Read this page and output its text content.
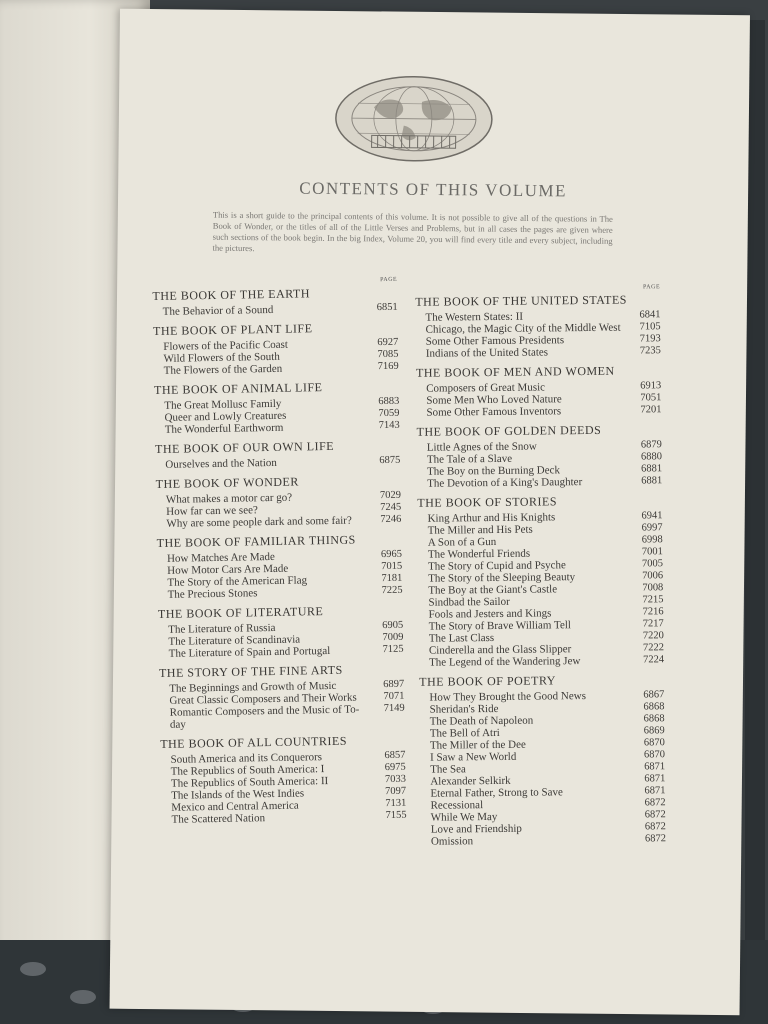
CONTENTS OF THIS VOLUME
This is a short guide to the principal contents of this volume. It is not possible to give all of the questions in The Book of Wonder, or the titles of all of the Little Verses and Problems, but in all cases the pages are given where such sections of the book begin. In the big Index, Volume 20, you will find every title and every subject, including the pictures.
PAGE
THE BOOK OF THE EARTH
The Behavior of a Sound	6851
THE BOOK OF PLANT LIFE
Flowers of the Pacific Coast	6927
Wild Flowers of the South	7085
The Flowers of the Garden	7169
THE BOOK OF ANIMAL LIFE
The Great Mollusc Family	6883
Queer and Lowly Creatures	7059
The Wonderful Earthworm	7143
THE BOOK OF OUR OWN LIFE
Ourselves and the Nation	6875
THE BOOK OF WONDER
What makes a motor car go?	7029
How far can we see?	7245
Why are some people dark and some fair?	7246
THE BOOK OF FAMILIAR THINGS
How Matches Are Made	6965
How Motor Cars Are Made	7015
The Story of the American Flag	7181
The Precious Stones	7225
THE BOOK OF LITERATURE
The Literature of Russia	6905
The Literature of Scandinavia	7009
The Literature of Spain and Portugal	7125
THE STORY OF THE FINE ARTS
The Beginnings and Growth of Music	6897
Great Classic Composers and Their Works	7071
Romantic Composers and the Music of To-day
7149
THE BOOK OF ALL COUNTRIES
South America and its Conquerors	6857
The Republics of South America: I	6975
The Republics of South America: II	7033
The Islands of the West Indies	7097
Mexico and Central America	7131
The Scattered Nation	7155
PAGE
THE BOOK OF THE UNITED STATES
The Western States: II	6841
Chicago, the Magic City of the Middle West	7105
Some Other Famous Presidents	7193
Indians of the United States	7235
THE BOOK OF MEN AND WOMEN
Composers of Great Music	6913
Some Men Who Loved Nature	7051
Some Other Famous Inventors	7201
THE BOOK OF GOLDEN DEEDS
Little Agnes of the Snow	6879
The Tale of a Slave	6880
The Boy on the Burning Deck	6881
The Devotion of a King's Daughter	6881
THE BOOK OF STORIES
King Arthur and His Knights	6941
The Miller and His Pets	6997
A Son of a Gun	6998
The Wonderful Friends	7001
The Story of Cupid and Psyche	7005
The Story of the Sleeping Beauty	7006
The Boy at the Giant's Castle	7008
Sindbad the Sailor	7215
Fools and Jesters and Kings	7216
The Story of Brave William Tell	7217
The Last Class	7220
Cinderella and the Glass Slipper	7222
The Legend of the Wandering Jew	7224
THE BOOK OF POETRY
How They Brought the Good News	6867
Sheridan's Ride	6868
The Death of Napoleon	6868
The Bell of Atri	6869
The Miller of the Dee	6870
I Saw a New World	6870
The Sea	6871
Alexander Selkirk	6871
Eternal Father, Strong to Save	6871
Recessional	6872
While We May	6872
Love and Friendship	6872
Omission	6872
